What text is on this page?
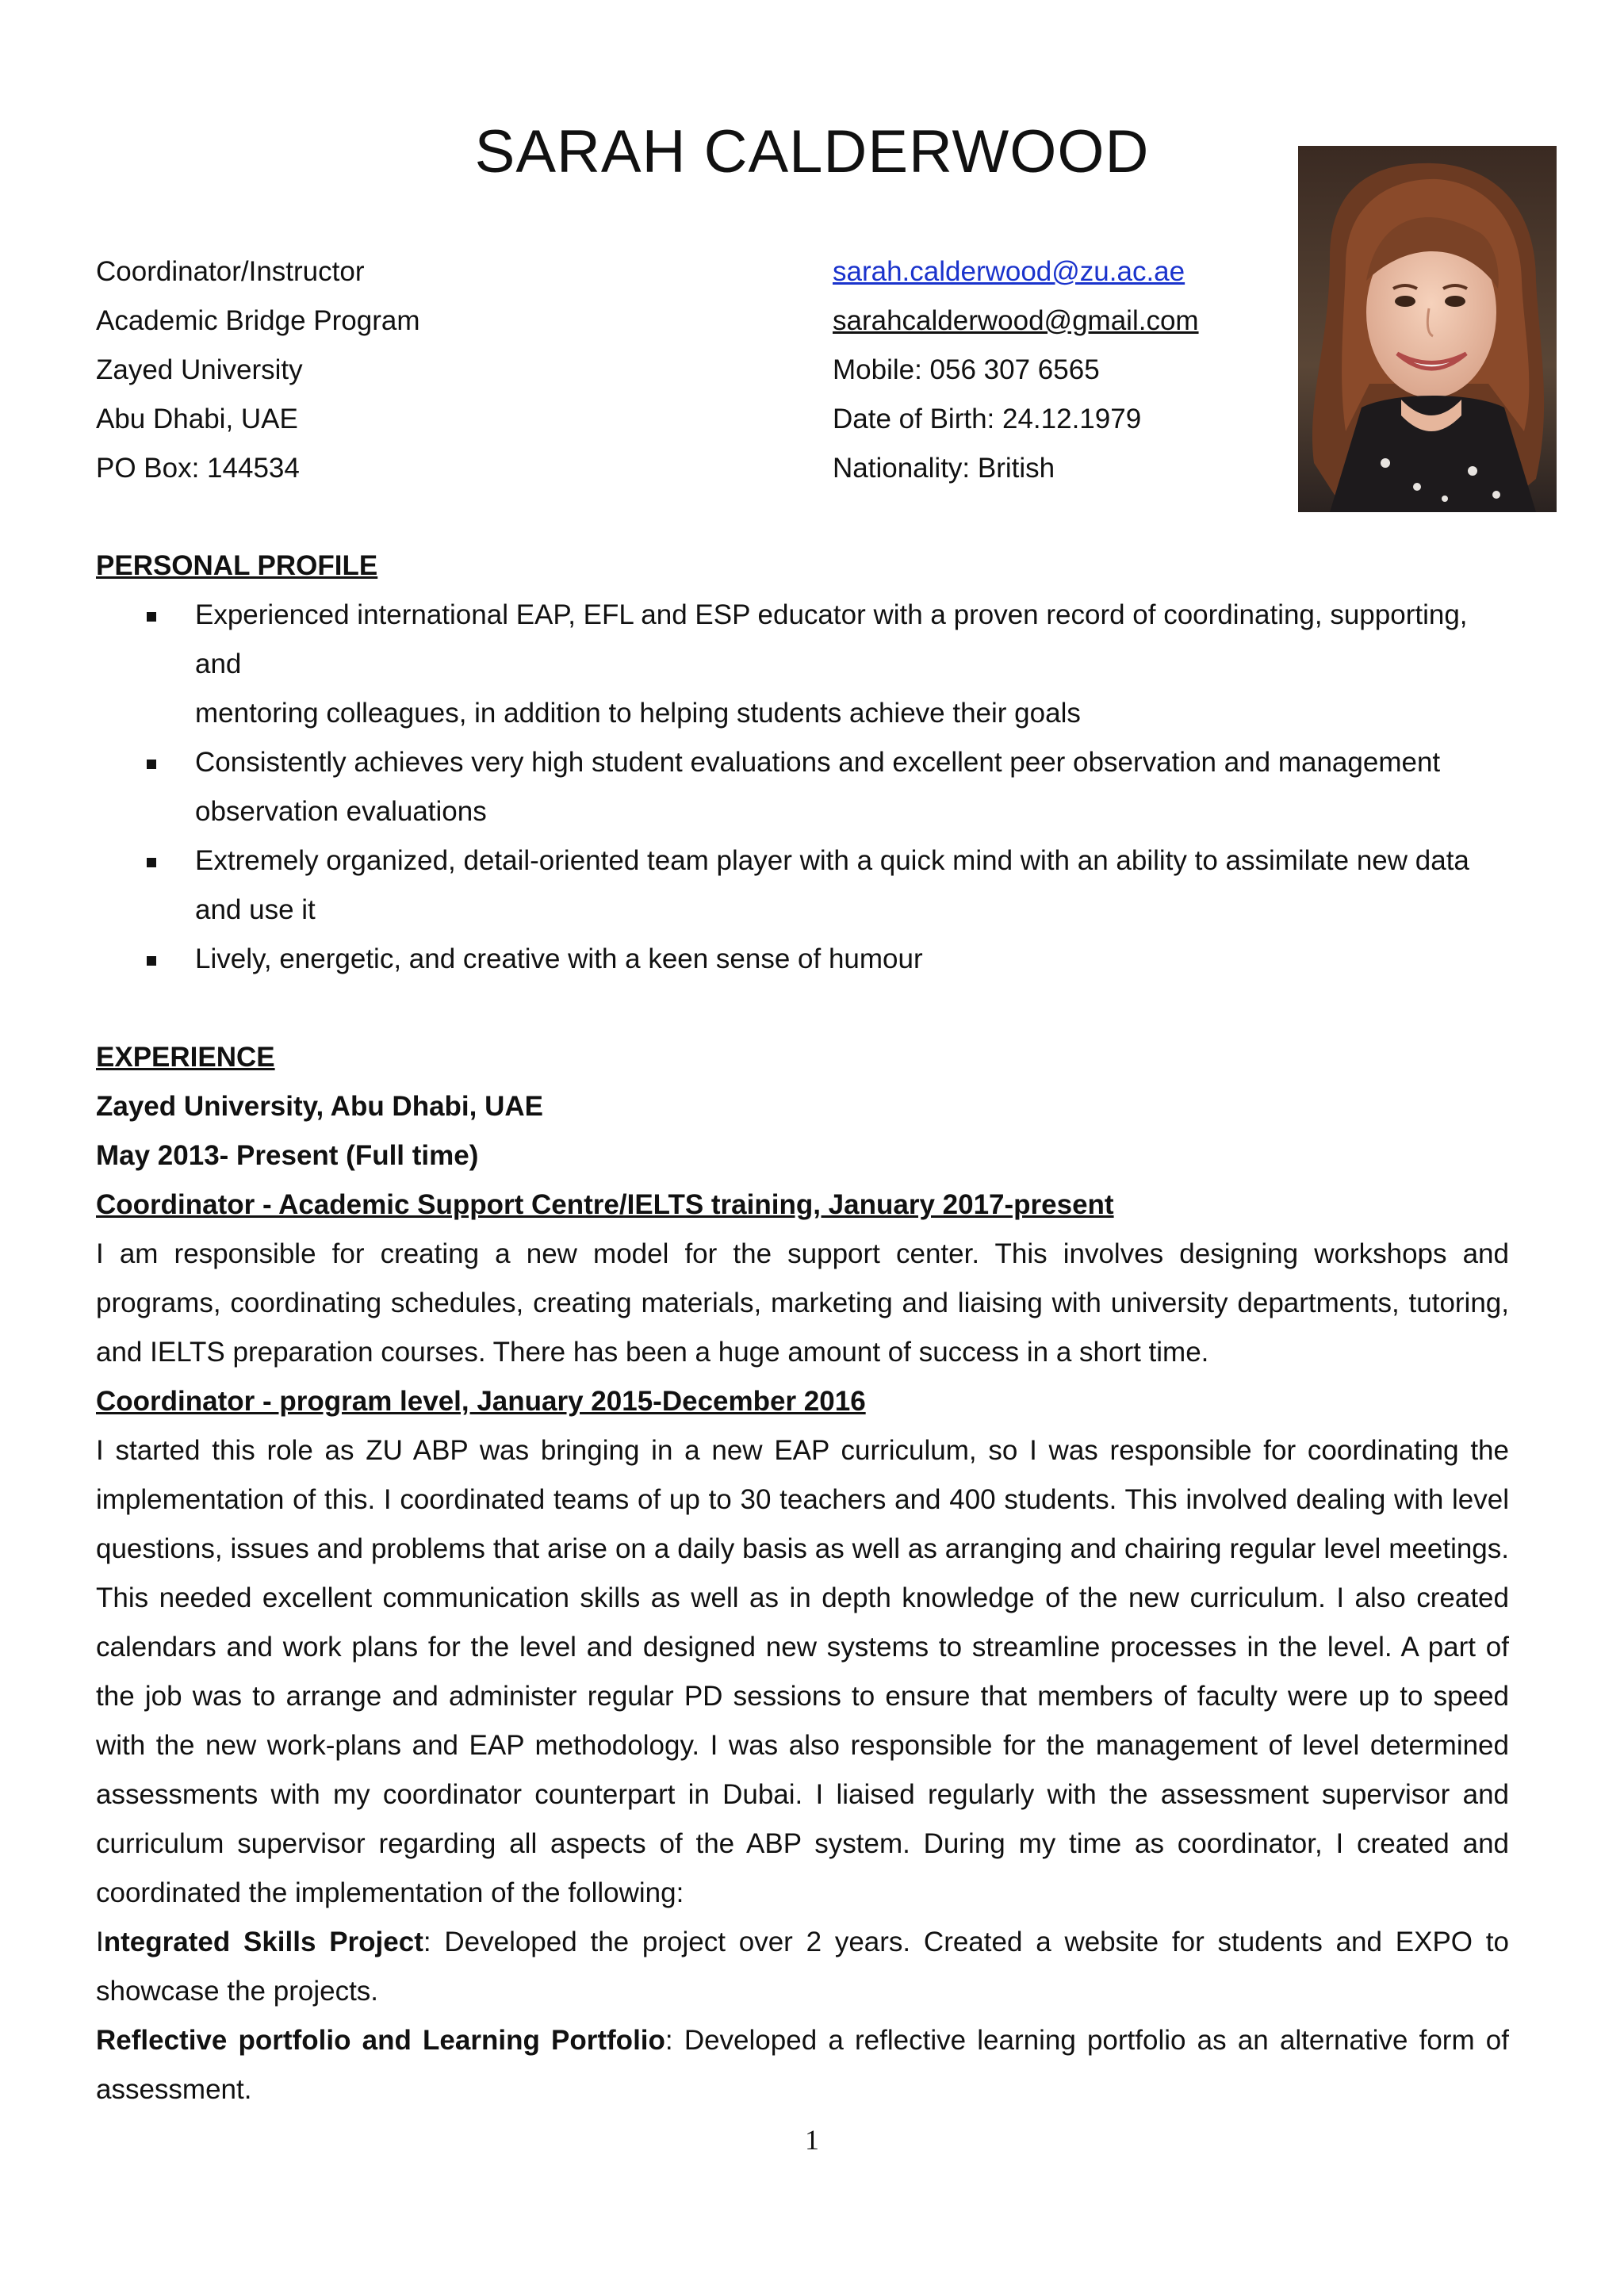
SARAH CALDERWOOD
Coordinator/Instructor	sarah.calderwood@zu.ac.ae
Academic Bridge Program	sarahcalderwood@gmail.com
Zayed University	Mobile: 056 307 6565
Abu Dhabi, UAE	Date of Birth: 24.12.1979
PO Box: 144534	Nationality: British
PERSONAL PROFILE
Experienced international EAP, EFL and ESP educator with a proven record of coordinating, supporting, and
mentoring colleagues, in addition to helping students achieve their goals
Consistently achieves very high student evaluations and excellent peer observation and management
observation evaluations
Extremely organized, detail-oriented team player with a quick mind with an ability to assimilate new data
and use it
Lively, energetic, and creative with a keen sense of humour
EXPERIENCE
Zayed University, Abu Dhabi, UAE
May 2013- Present (Full time)
Coordinator - Academic Support Centre/IELTS training, January 2017-present

I am responsible for creating a new model for the support center. This involves designing workshops and programs, coordinating schedules, creating materials, marketing and liaising with university departments, tutoring, and IELTS preparation courses. There has been a huge amount of success in a short time.

Coordinator - program level, January 2015-December 2016

I started this role as ZU ABP was bringing in a new EAP curriculum, so I was responsible for coordinating the implementation of this. I coordinated teams of up to 30 teachers and 400 students. This involved dealing with level questions, issues and problems that arise on a daily basis as well as arranging and chairing regular level meetings. This needed excellent communication skills as well as in depth knowledge of the new curriculum. I also created calendars and work plans for the level and designed new systems to streamline processes in the level. A part of the job was to arrange and administer regular PD sessions to ensure that members of faculty were up to speed with the new work-plans and EAP methodology. I was also responsible for the management of level determined assessments with my coordinator counterpart in Dubai. I liaised regularly with the assessment supervisor and curriculum supervisor regarding all aspects of the ABP system. During my time as coordinator, I created and coordinated the implementation of the following:

Integrated Skills Project: Developed the project over 2 years. Created a website for students and EXPO to showcase the projects.

Reflective portfolio and Learning Portfolio: Developed a reflective learning portfolio as an alternative form of assessment.

1
